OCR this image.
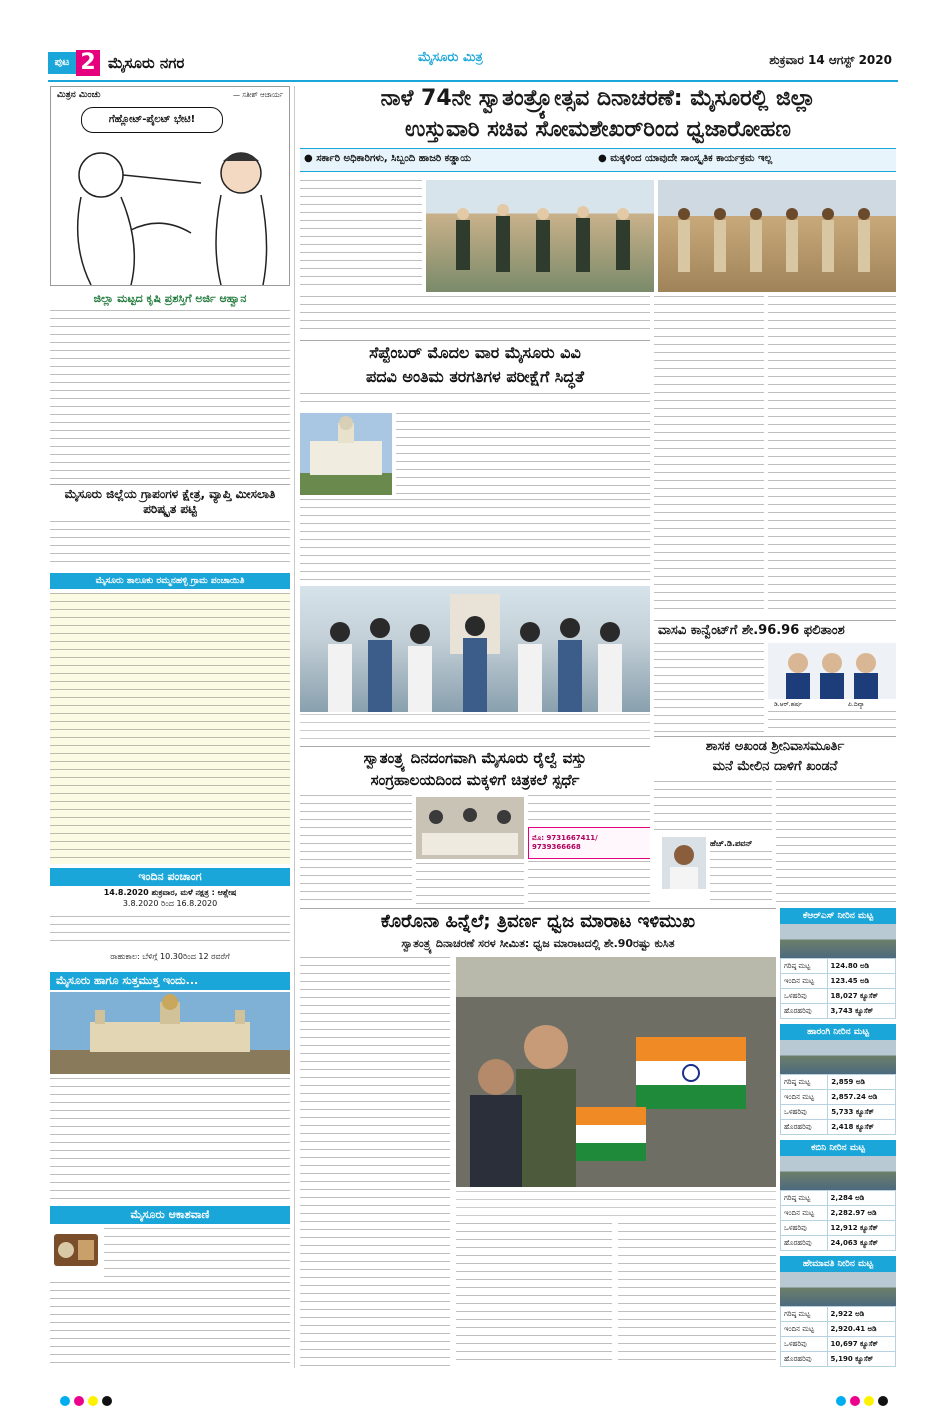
ಪುಟ 2 ಮೈಸೂರು ನಗರ	ಮೈಸೂರು ಮಿತ್ರ	ಶುಕ್ರವಾರ 14 ಆಗಸ್ಟ್ 2020
ಮಿತ್ರನ ಮಿಂಚು	— ಸತೀಶ್ ಆಚಾರ್ಯ
ಗೆಹ್ಲೋಟ್-ಪೈಲಟ್ ಭೇಟಿ!
ಜಿಲ್ಲಾ ಮಟ್ಟದ ಕೃಷಿ ಪ್ರಶಸ್ತಿಗೆ ಅರ್ಜಿ ಆಹ್ವಾನ
ಮೈಸೂರು ಜಿಲ್ಲೆಯ ಗ್ರಾಪಂಗಳ ಕ್ಷೇತ್ರ, ವ್ಯಾಪ್ತಿ ಮೀಸಲಾತಿ ಪರಿಷ್ಕೃತ ಪಟ್ಟಿ
ಮೈಸೂರು ತಾಲೂಕು ರಮ್ಮನಹಳ್ಳಿ ಗ್ರಾಮ ಪಂಚಾಯಿತಿ
ಇಂದಿನ ಪಂಚಾಂಗ
14.8.2020 ಶುಕ್ರವಾರ, ಮಳೆ ನಕ್ಷತ್ರ : ಆಶ್ಲೇಷ
3.8.2020 ರಿಂದ 16.8.2020
ರಾಹುಕಾಲ: ಬೆಳಿಗ್ಗೆ 10.30ರಿಂದ 12 ರವರೆಗೆ
ಮೈಸೂರು ಹಾಗೂ ಸುತ್ತಮುತ್ತ ಇಂದು...
ಮೈಸೂರು ಆಕಾಶವಾಣಿ
ನಾಳೆ 74ನೇ ಸ್ವಾತಂತ್ರ್ಯೋತ್ಸವ ದಿನಾಚರಣೆ: ಮೈಸೂರಲ್ಲಿ ಜಿಲ್ಲಾ
ಉಸ್ತುವಾರಿ ಸಚಿವ ಸೋಮಶೇಖರ್‌ರಿಂದ ಧ್ವಜಾರೋಹಣ
● ಸರ್ಕಾರಿ ಅಧಿಕಾರಿಗಳು, ಸಿಬ್ಬಂದಿ ಹಾಜರಿ ಕಡ್ಡಾಯ	● ಮಕ್ಕಳಿಂದ ಯಾವುದೇ ಸಾಂಸ್ಕೃತಿಕ ಕಾರ್ಯಕ್ರಮ ಇಲ್ಲ
ಸೆಪ್ಟೆಂಬರ್ ಮೊದಲ ವಾರ ಮೈಸೂರು ವಿವಿ
ಪದವಿ ಅಂತಿಮ ತರಗತಿಗಳ ಪರೀಕ್ಷೆಗೆ ಸಿದ್ಧತೆ
ಸ್ವಾತಂತ್ರ್ಯ ದಿನದಂಗವಾಗಿ ಮೈಸೂರು ರೈಲ್ವೆ ವಸ್ತು
ಸಂಗ್ರಹಾಲಯದಿಂದ ಮಕ್ಕಳಿಗೆ ಚಿತ್ರಕಲೆ ಸ್ಪರ್ಧೆ
ಮೊ: 9731667411/ 9739366668
ವಾಸವಿ ಕಾನ್ವೆಂಟ್‌ಗೆ ಶೇ.96.96 ಫಲಿತಾಂಶ
ಡಿ.ಆರ್.ಹರ್ಷ	ಪಿ.ದಿವ್ಯಾ
ಶಾಸಕ ಅಖಂಡ ಶ್ರೀನಿವಾಸಮೂರ್ತಿ
ಮನೆ ಮೇಲಿನ ದಾಳಿಗೆ ಖಂಡನೆ
ಹೆಚ್.ಡಿ.ಪವನ್
ಕೆಆರ್‌ಎಸ್ ನೀರಿನ ಮಟ್ಟ
ಗರಿಷ್ಠ ಮಟ್ಟ	124.80 ಅಡಿ
ಇಂದಿನ ಮಟ್ಟ	123.45 ಅಡಿ
ಒಳಹರಿವು	18,027 ಕ್ಯೂಸೆಕ್
ಹೊರಹರಿವು	3,743 ಕ್ಯೂಸೆಕ್
ಹಾರಂಗಿ ನೀರಿನ ಮಟ್ಟ
ಗರಿಷ್ಠ ಮಟ್ಟ	2,859 ಅಡಿ
ಇಂದಿನ ಮಟ್ಟ	2,857.24 ಅಡಿ
ಒಳಹರಿವು	5,733 ಕ್ಯೂಸೆಕ್
ಹೊರಹರಿವು	2,418 ಕ್ಯೂಸೆಕ್
ಕಬಿನಿ ನೀರಿನ ಮಟ್ಟ
ಗರಿಷ್ಠ ಮಟ್ಟ	2,284 ಅಡಿ
ಇಂದಿನ ಮಟ್ಟ	2,282.97 ಅಡಿ
ಒಳಹರಿವು	12,912 ಕ್ಯೂಸೆಕ್
ಹೊರಹರಿವು	24,063 ಕ್ಯೂಸೆಕ್
ಹೇಮಾವತಿ ನೀರಿನ ಮಟ್ಟ
ಗರಿಷ್ಠ ಮಟ್ಟ	2,922 ಅಡಿ
ಇಂದಿನ ಮಟ್ಟ	2,920.41 ಅಡಿ
ಒಳಹರಿವು	10,697 ಕ್ಯೂಸೆಕ್
ಹೊರಹರಿವು	5,190 ಕ್ಯೂಸೆಕ್
ಕೊರೊನಾ ಹಿನ್ನೆಲೆ; ತ್ರಿವರ್ಣ ಧ್ವಜ ಮಾರಾಟ ಇಳಿಮುಖ
ಸ್ವಾತಂತ್ರ್ಯ ದಿನಾಚರಣೆ ಸರಳ ಸೀಮಿತ: ಧ್ವಜ ಮಾರಾಟದಲ್ಲಿ ಶೇ.90ರಷ್ಟು ಕುಸಿತ
